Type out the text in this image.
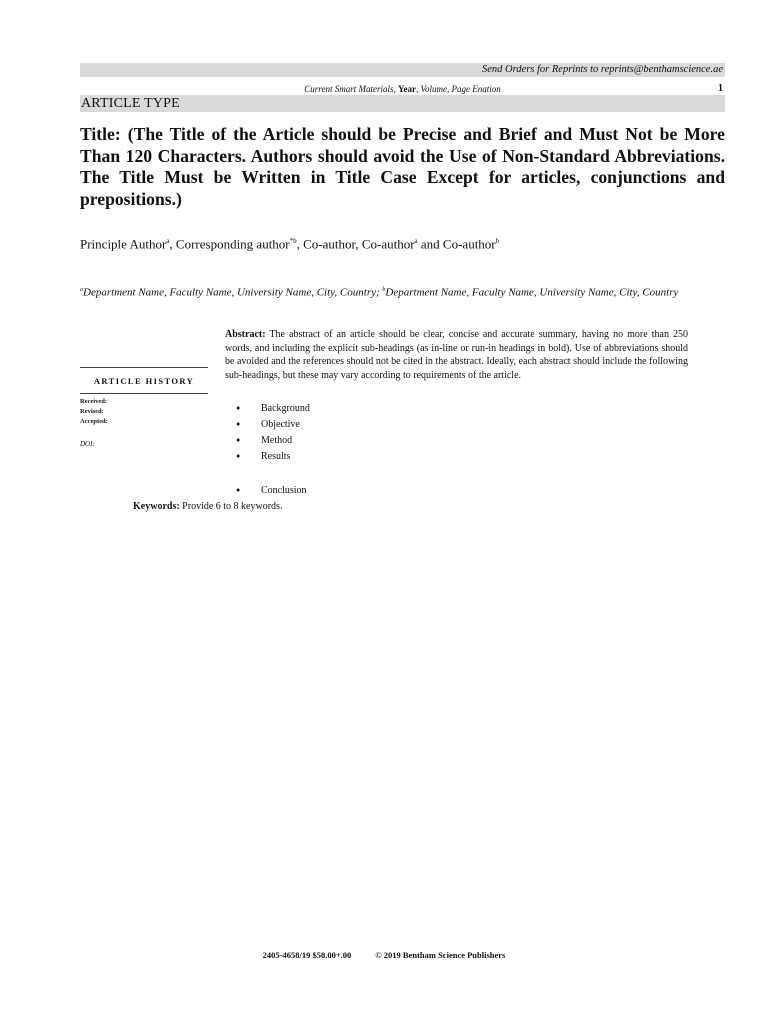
Send Orders for Reprints to reprints@benthamscience.ae
Current Smart Materials, Year, Volume, Page Enation	1
ARTICLE TYPE
Title: (The Title of the Article should be Precise and Brief and Must Not be More Than 120 Characters. Authors should avoid the Use of Non-Standard Abbreviations. The Title Must be Written in Title Case Except for articles, conjunctions and prepositions.)
Principle Author$^a$, Corresponding author$^{*b}$, Co-author, Co-author$^a$ and Co-author$^b$
$^a$Department Name, Faculty Name, University Name, City, Country; $^b$Department Name, Faculty Name, University Name, City, Country
ARTICLE HISTORY
Received:
Revised:
Accepted:
DOI:
Abstract: The abstract of an article should be clear, concise and accurate summary, having no more than 250 words, and including the explicit sub-headings (as in-line or run-in headings in bold). Use of abbreviations should be avoided and the references should not be cited in the abstract. Ideally, each abstract should include the following sub-headings, but these may vary according to requirements of the article.
● Background
● Objective
● Method
● Results
● Conclusion
Keywords: Provide 6 to 8 keywords.
2405-4658/19 $58.00+.00	© 2019 Bentham Science Publishers
